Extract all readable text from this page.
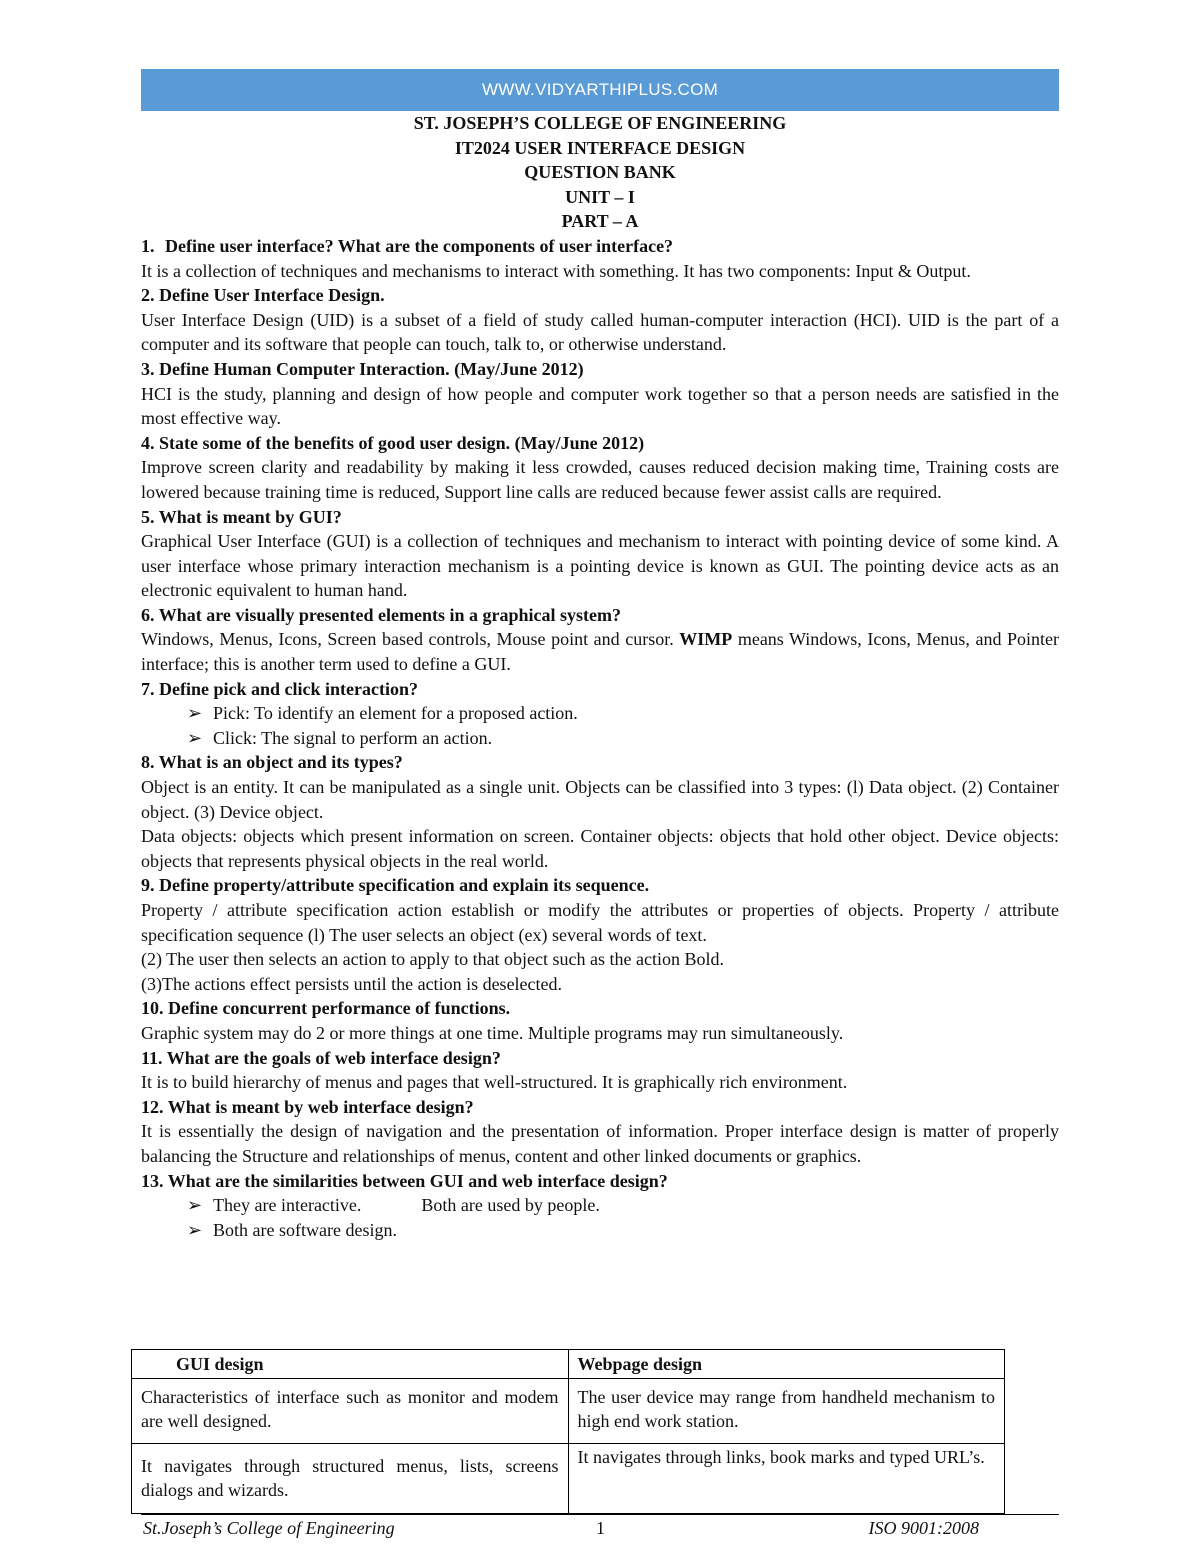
WWW.VIDYARTHIPLUS.COM
ST. JOSEPH’S COLLEGE OF ENGINEERING
IT2024 USER INTERFACE DESIGN
QUESTION BANK
UNIT – I
PART – A
1. Define user interface? What are the components of user interface?
It is a collection of techniques and mechanisms to interact with something. It has two components: Input & Output.
2. Define User Interface Design.
User Interface Design (UID) is a subset of a field of study called human-computer interaction (HCI). UID is the part of a computer and its software that people can touch, talk to, or otherwise understand.
3. Define Human Computer Interaction. (May/June 2012)
HCI is the study, planning and design of how people and computer work together so that a person needs are satisfied in the most effective way.
4. State some of the benefits of good user design. (May/June 2012)
Improve screen clarity and readability by making it less crowded, causes reduced decision making time, Training costs are lowered because training time is reduced, Support line calls are reduced because fewer assist calls are required.
5. What is meant by GUI?
Graphical User Interface (GUI) is a collection of techniques and mechanism to interact with pointing device of some kind. A user interface whose primary interaction mechanism is a pointing device is known as GUI. The pointing device acts as an electronic equivalent to human hand.
6. What are visually presented elements in a graphical system?
Windows, Menus, Icons, Screen based controls, Mouse point and cursor. WIMP means Windows, Icons, Menus, and Pointer interface; this is another term used to define a GUI.
7. Define pick and click interaction?
➢ Pick: To identify an element for a proposed action.
➢ Click: The signal to perform an action.
8. What is an object and its types?
Object is an entity. It can be manipulated as a single unit. Objects can be classified into 3 types: (l) Data object. (2) Container object. (3) Device object.
Data objects: objects which present information on screen. Container objects: objects that hold other object. Device objects: objects that represents physical objects in the real world.
9. Define property/attribute specification and explain its sequence.
Property / attribute specification action establish or modify the attributes or properties of objects. Property / attribute specification sequence (l) The user selects an object (ex) several words of text.
(2) The user then selects an action to apply to that object such as the action Bold.
(3)The actions effect persists until the action is deselected.
10. Define concurrent performance of functions.
Graphic system may do 2 or more things at one time. Multiple programs may run simultaneously.
11. What are the goals of web interface design?
It is to build hierarchy of menus and pages that well-structured. It is graphically rich environment.
12. What is meant by web interface design?
It is essentially the design of navigation and the presentation of information. Proper interface design is matter of properly balancing the Structure and relationships of menus, content and other linked documents or graphics.
13. What are the similarities between GUI and web interface design?
➢ They are interactive.	Both are used by people.
➢ Both are software design.
GUI design	Webpage design
Characteristics of interface such as monitor and modem are well designed.	The user device may range from handheld mechanism to high end work station.
It navigates through structured menus, lists, screens dialogs and wizards.	It navigates through links, book marks and typed URL’s.
St.Joseph’s College of Engineering	1	ISO 9001:2008
